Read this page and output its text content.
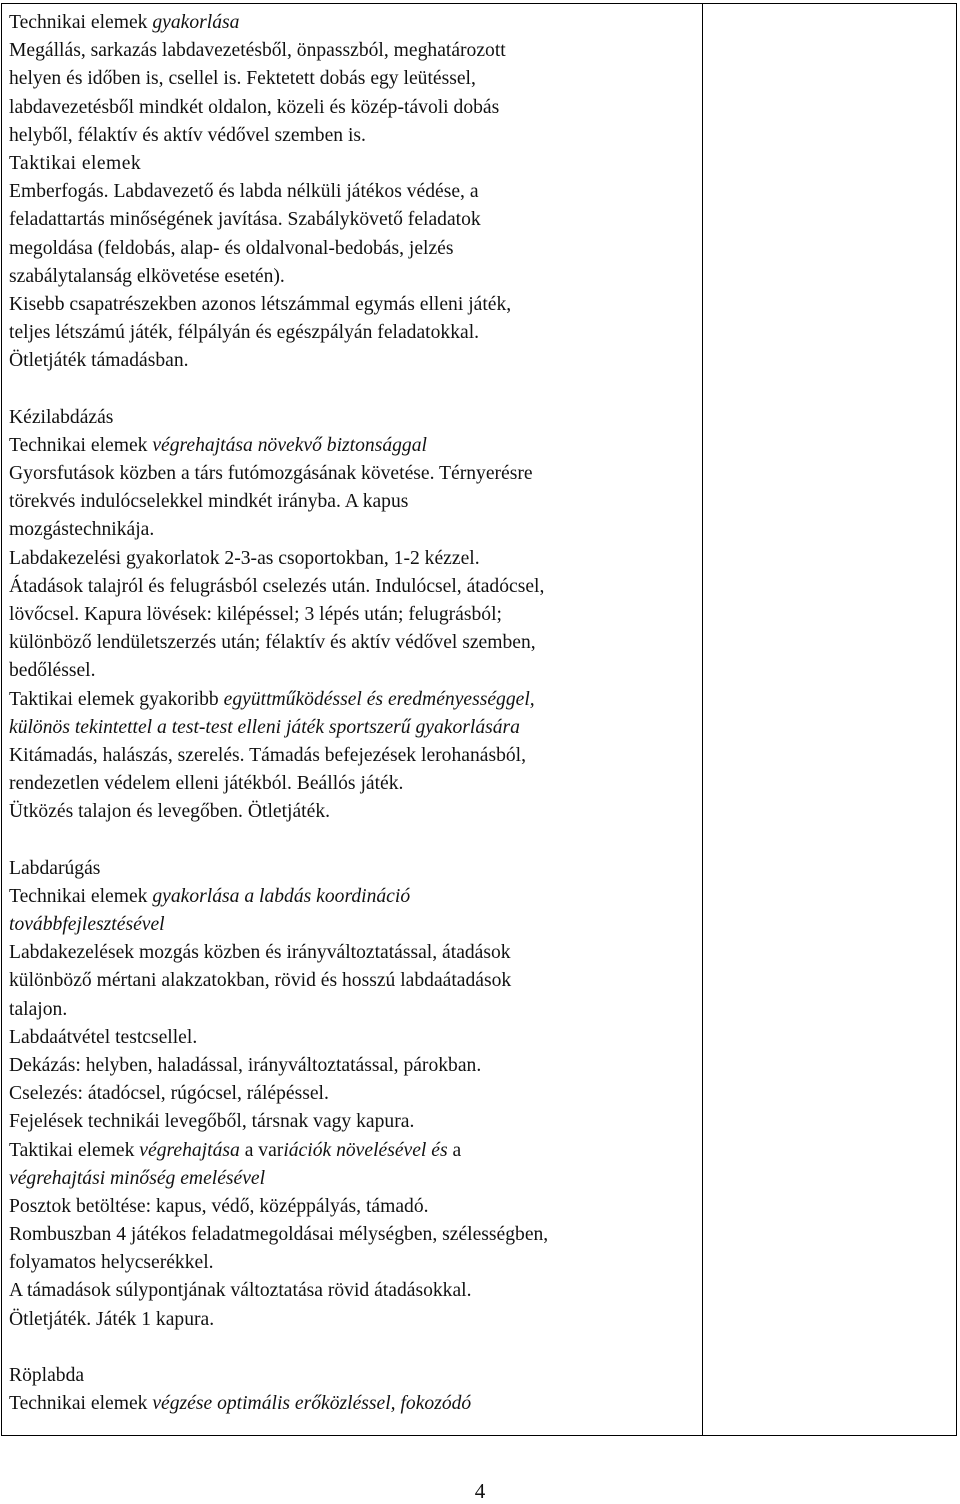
Technikai elemek gyakorlása
Megállás, sarkazás labdavezetésből, önpasszból, meghatározott
helyen és időben is, csellel is. Fektetett dobás egy leütéssel,
labdavezetésből mindkét oldalon, közeli és közép-távoli dobás
helyből, félaktív és aktív védővel szemben is.
Taktikai elemek
Emberfogás. Labdavezető és labda nélküli játékos védése, a
feladattartás minőségének javítása. Szabálykövető feladatok
megoldása (feldobás, alap- és oldalvonal-bedobás, jelzés
szabálytalanság elkövetése esetén).
Kisebb csapatrészekben azonos létszámmal egymás elleni játék,
teljes létszámú játék, félpályán és egészpályán feladatokkal.
Ötletjáték támadásban.
Kézilabdázás
Technikai elemek végrehajtása növekvő biztonsággal
Gyorsfutások közben a társ futómozgásának követése. Térnyerésre
törekvés indulócselekkel mindkét irányba. A kapus
mozgástechnikája.
Labdakezelési gyakorlatok 2-3-as csoportokban, 1-2 kézzel.
Átadások talajról és felugrásból cselezés után. Indulócsel, átadócsel,
lövőcsel. Kapura lövések: kilépéssel; 3 lépés után; felugrásból;
különböző lendületszerzés után; félaktív és aktív védővel szemben,
bedőléssel.
Taktikai elemek gyakoribb együttműködéssel és eredményességgel,
különös tekintettel a test-test elleni játék sportszerű gyakorlására
Kitámadás, halászás, szerelés. Támadás befejezések lerohanásból,
rendezetlen védelem elleni játékból. Beállós játék.
Ütközés talajon és levegőben. Ötletjáték.
Labdarúgás
Technikai elemek gyakorlása a labdás koordináció
továbbfejlesztésével
Labdakezelések mozgás közben és irányváltoztatással, átadások
különböző mértani alakzatokban, rövid és hosszú labdaátadások
talajon.
Labdaátvétel testcsellel.
Dekázás: helyben, haladással, irányváltoztatással, párokban.
Cselezés: átadócsel, rúgócsel, rálépéssel.
Fejelések technikái levegőből, társnak vagy kapura.
Taktikai elemek végrehajtása a variációk növelésével és a
végrehajtási minőség emelésével
Posztok betöltése: kapus, védő, középpályás, támadó.
Rombuszban 4 játékos feladatmegoldásai mélységben, szélességben,
folyamatos helycserékkel.
A támadások súlypontjának változtatása rövid átadásokkal.
Ötletjáték. Játék 1 kapura.
Röplabda
Technikai elemek végzése optimális erőközléssel, fokozódó
4
